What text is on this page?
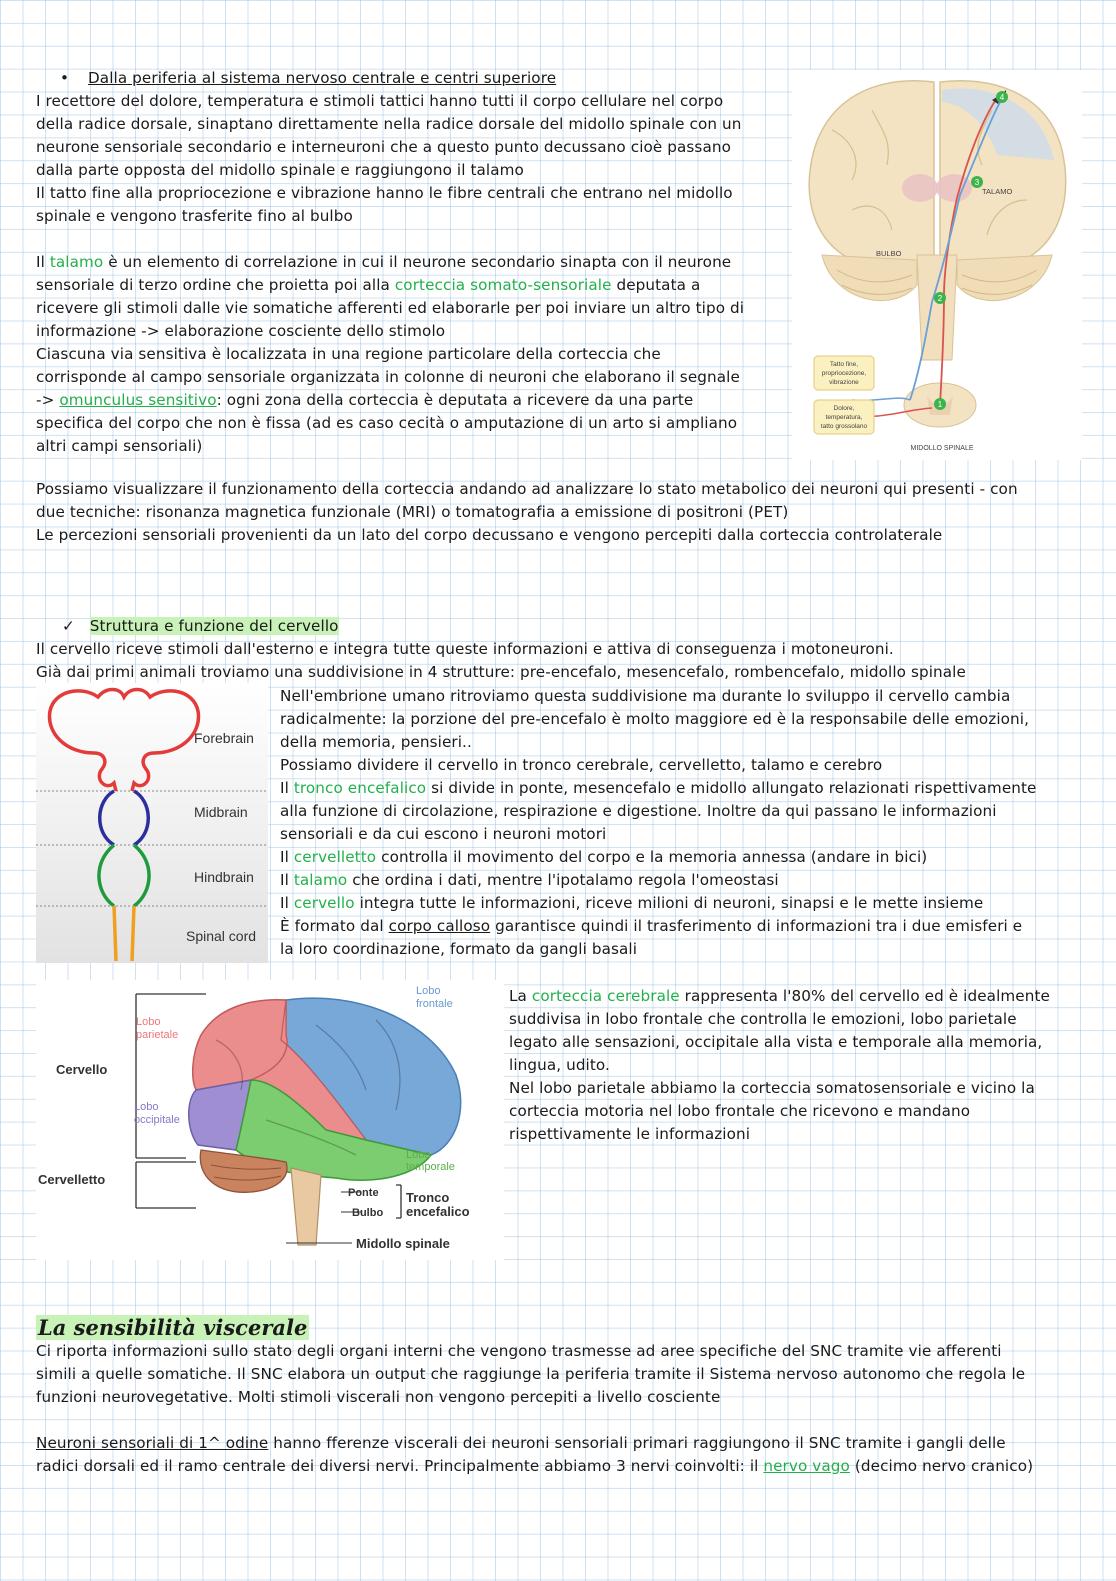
• Dalla periferia al sistema nervoso centrale e centri superiore
I recettore del dolore, temperatura e stimoli tattici hanno tutti il corpo cellulare nel corpo
della radice dorsale, sinaptano direttamente nella radice dorsale del midollo spinale con un
neurone sensoriale secondario e interneuroni che a questo punto decussano cioè passano
dalla parte opposta del midollo spinale e raggiungono il talamo
Il tatto fine alla propriocezione e vibrazione hanno le fibre centrali che entrano nel midollo
spinale e vengono trasferite fino al bulbo
Il talamo è un elemento di correlazione in cui il neurone secondario sinapta con il neurone
sensoriale di terzo ordine che proietta poi alla corteccia somato-sensoriale deputata a
ricevere gli stimoli dalle vie somatiche afferenti ed elaborarle per poi inviare un altro tipo di
informazione -> elaborazione cosciente dello stimolo
Ciascuna via sensitiva è localizzata in una regione particolare della corteccia che
corrisponde al campo sensoriale organizzata in colonne di neuroni che elaborano il segnale
-> omunculus sensitivo: ogni zona della corteccia è deputata a ricevere da una parte
specifica del corpo che non è fissa (ad es caso cecità o amputazione di un arto si ampliano
altri campi sensoriali)
Possiamo visualizzare il funzionamento della corteccia andando ad analizzare lo stato metabolico dei neuroni qui presenti - con
due tecniche: risonanza magnetica funzionale (MRI) o tomatografia a emissione di positroni (PET)
Le percezioni sensoriali provenienti da un lato del corpo decussano e vengono percepiti dalla corteccia controlaterale
4
3
2
1
TALAMO
BULBO
Tatto fine,
propriocezione,
vibrazione
Dolore,
temperatura,
tatto grossolano
MIDOLLO SPINALE
✓ Struttura e funzione del cervello
Il cervello riceve stimoli dall'esterno e integra tutte queste informazioni e attiva di conseguenza i motoneuroni.
Già dai primi animali troviamo una suddivisione in 4 strutture: pre-encefalo, mesencefalo, rombencefalo, midollo spinale
Forebrain
Midbrain
Hindbrain
Spinal cord
Nell'embrione umano ritroviamo questa suddivisione ma durante lo sviluppo il cervello cambia
radicalmente: la porzione del pre-encefalo è molto maggiore ed è la responsabile delle emozioni,
della memoria, pensieri..
Possiamo dividere il cervello in tronco cerebrale, cervelletto, talamo e cerebro
Il tronco encefalico si divide in ponte, mesencefalo e midollo allungato relazionati rispettivamente
alla funzione di circolazione, respirazione e digestione. Inoltre da qui passano le informazioni
sensoriali e da cui escono i neuroni motori
Il cervelletto controlla il movimento del corpo e la memoria annessa (andare in bici)
Il talamo che ordina i dati, mentre l'ipotalamo regola l'omeostasi
Il cervello integra tutte le informazioni, riceve milioni di neuroni, sinapsi e le mette insieme
È formato dal corpo calloso garantisce quindi il trasferimento di informazioni tra i due emisferi e
la loro coordinazione, formato da gangli basali
Lobo
parietale
Lobo
frontale
Lobo
occipitale
Lobo
temporale
Cervello
Cervelletto
Ponte
Bulbo
Tronco
encefalico
Midollo spinale
La corteccia cerebrale rappresenta l'80% del cervello ed è idealmente
suddivisa in lobo frontale che controlla le emozioni, lobo parietale
legato alle sensazioni, occipitale alla vista e temporale alla memoria,
lingua, udito.
Nel lobo parietale abbiamo la corteccia somatosensoriale e vicino la
corteccia motoria nel lobo frontale che ricevono e mandano
rispettivamente le informazioni
La sensibilità viscerale
Ci riporta informazioni sullo stato degli organi interni che vengono trasmesse ad aree specifiche del SNC tramite vie afferenti
simili a quelle somatiche. Il SNC elabora un output che raggiunge la periferia tramite il Sistema nervoso autonomo che regola le
funzioni neurovegetative. Molti stimoli viscerali non vengono percepiti a livello cosciente
Neuroni sensoriali di 1^ odine hanno fferenze viscerali dei neuroni sensoriali primari raggiungono il SNC tramite i gangli delle
radici dorsali ed il ramo centrale dei diversi nervi. Principalmente abbiamo 3 nervi coinvolti: il nervo vago (decimo nervo cranico)
